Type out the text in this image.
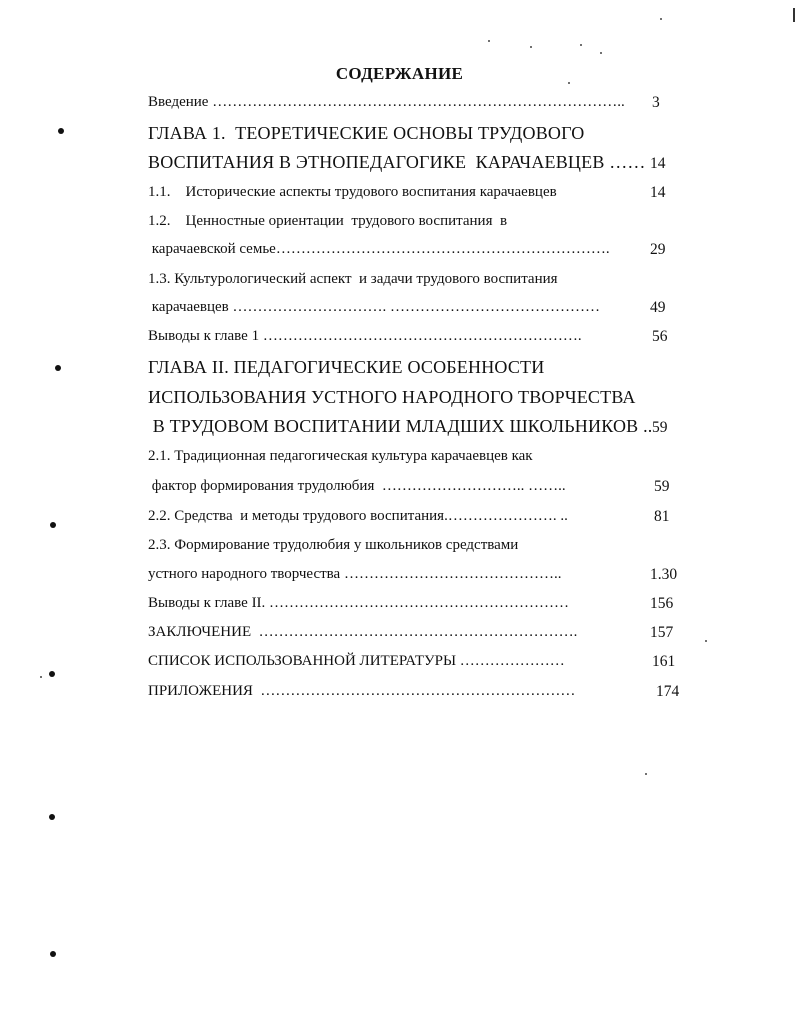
СОДЕРЖАНИЕ
Введение ………………………………………………………………………..
ГЛАВА 1.  ТЕОРЕТИЧЕСКИЕ ОСНОВЫ ТРУДОВОГО
ВОСПИТАНИЯ В ЭТНОПЕДАГОГИКЕ  КАРАЧАЕВЦЕВ ……
1.1.    Исторические аспекты трудового воспитания карачаевцев
1.2.    Ценностные ориентации  трудового воспитания  в
карачаевской семье………………………………………………………….
1.3. Культурологический аспект  и задачи трудового воспитания
карачаевцев …………………………. ……………………………………
Выводы к главе 1 ……………………………………………………….
ГЛАВА II. ПЕДАГОГИЧЕСКИЕ ОСОБЕННОСТИ
ИСПОЛЬЗОВАНИЯ УСТНОГО НАРОДНОГО ТВОРЧЕСТВА
В ТРУДОВОМ ВОСПИТАНИИ МЛАДШИХ ШКОЛЬНИКОВ ..
2.1. Традиционная педагогическая культура карачаевцев как
фактор формирования трудолюбия  ……………………….. ……..
2.2. Средства  и методы трудового воспитания.…………………. ..
2.3. Формирование трудолюбия у школьников средствами
устного народного творчества ……………………………………..
Выводы к главе II. ……………………………………………………
ЗАКЛЮЧЕНИЕ  ……………………………………………………….
СПИСОК ИСПОЛЬЗОВАННОЙ ЛИТЕРАТУРЫ …………………
ПРИЛОЖЕНИЯ  ………………………………………………………
3
14
14
29
49
56
59
59
81
1.30
156
157
161
174
